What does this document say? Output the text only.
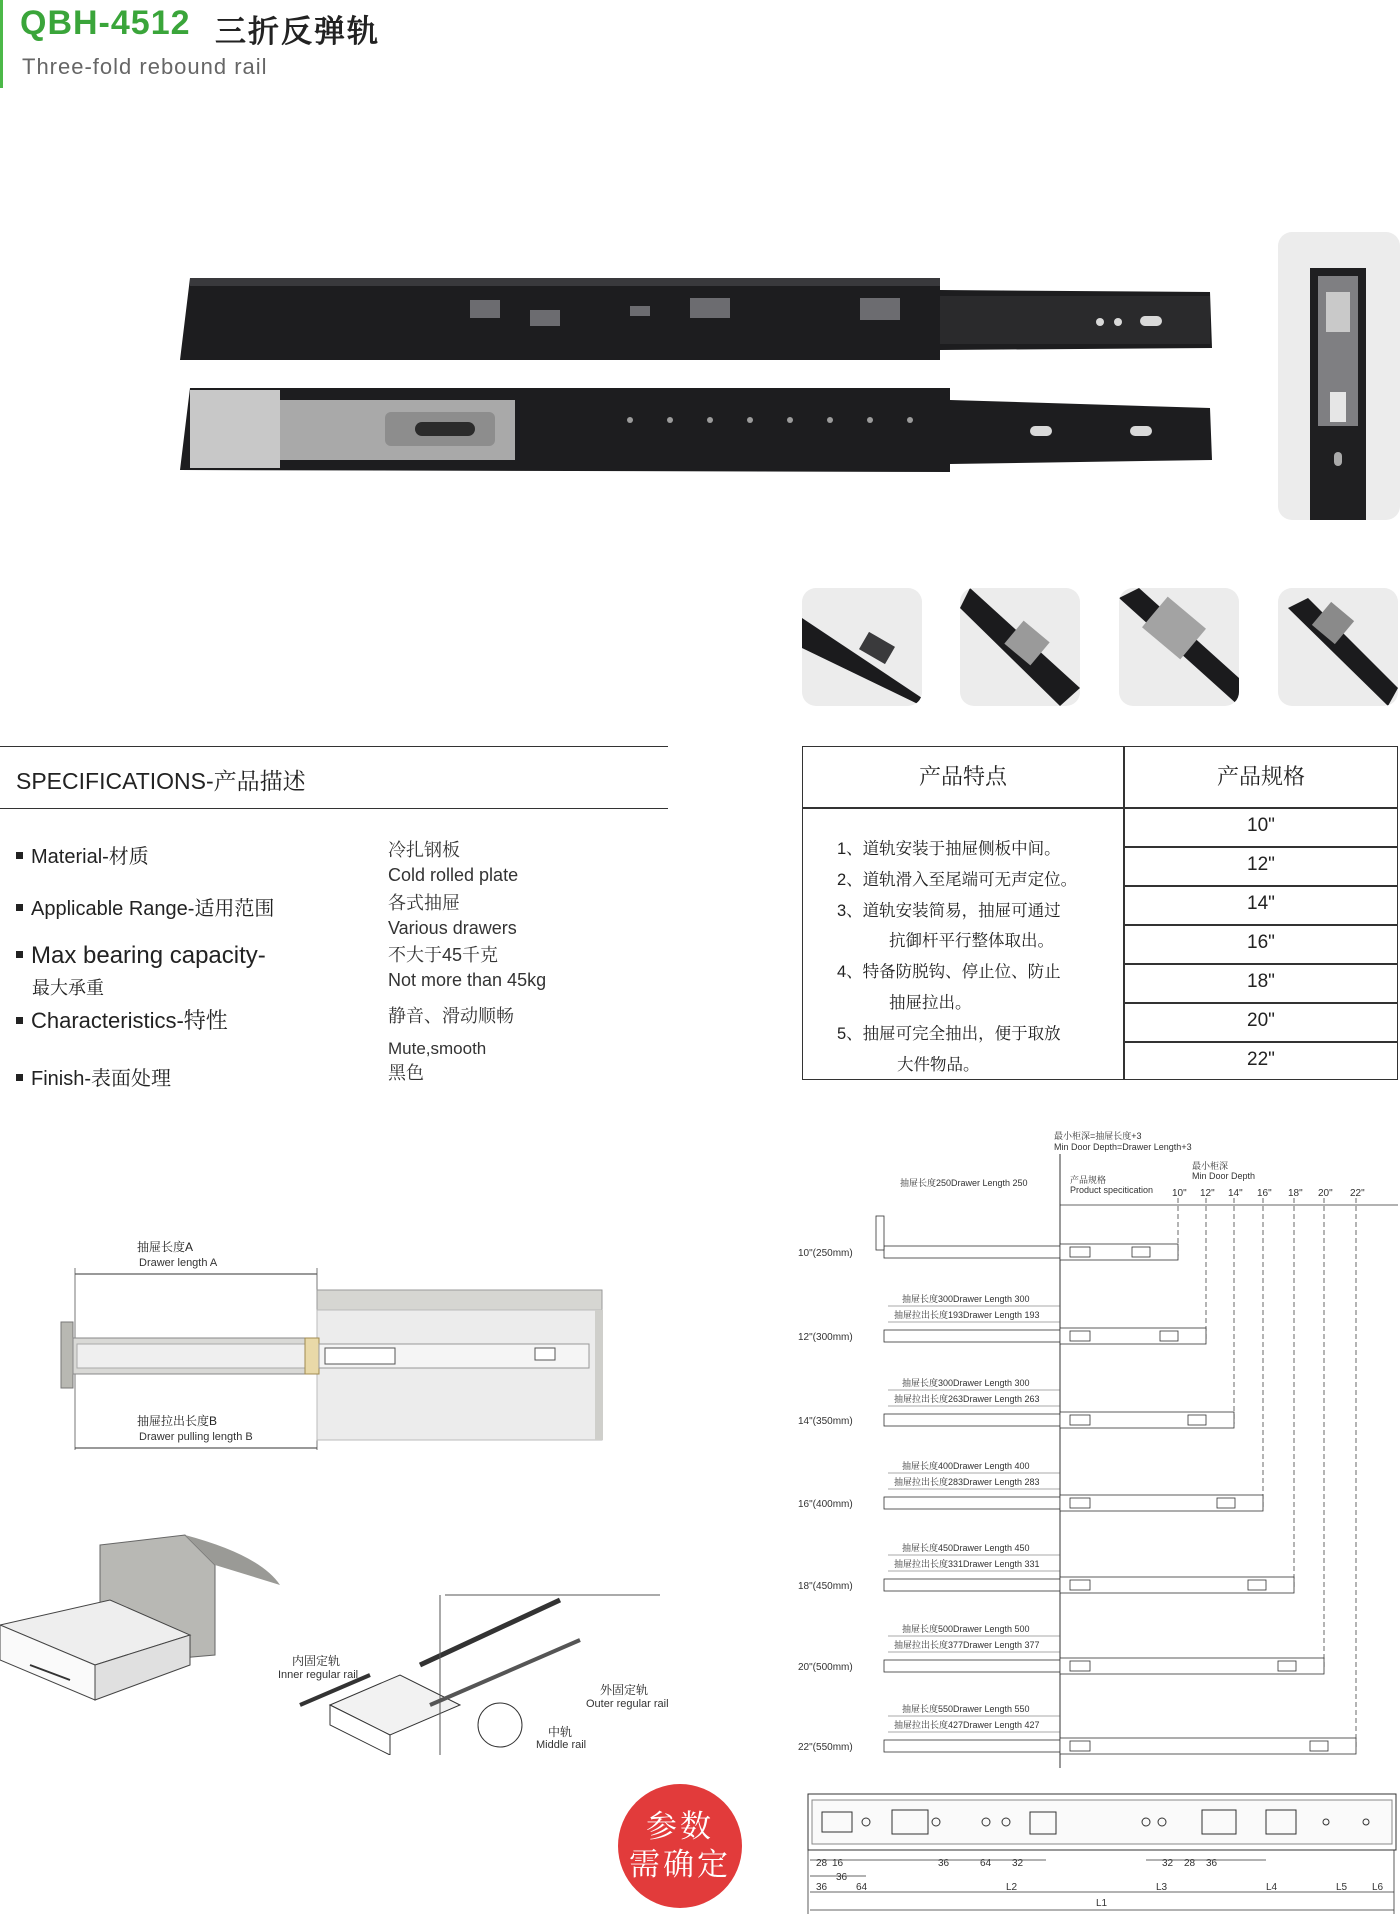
QBH-4512 三折反弹轨
Three-fold rebound rail
SPECIFICATIONS-产品描述
Material-材质	冷扎钢板
Cold rolled plate
Applicable Range-适用范围	各式抽屉
Various drawers
Max bearing capacity-
最大承重
不大于45千克
Not more than 45kg
Characteristics-特性	静音、滑动顺畅
Mute,smooth
Finish-表面处理	黑色
产品特点	产品规格
1、道轨安装于抽屉侧板中间。
2、道轨滑入至尾端可无声定位。
3、道轨安装简易，抽屉可通过
抗御杆平行整体取出。
4、特备防脱钩、停止位、防止
抽屉拉出。
5、抽屉可完全抽出，便于取放
大件物品。
10"
12"
14"
16"
18"
20"
22"
抽屉长度A
Drawer length A
抽屉拉出长度B
Drawer pulling length B
内固定轨
Inner regular rail
外固定轨
Outer regular rail
中轨
Middle rail
最小柜深=抽屉长度+3
Min Door Depth=Drawer Length+3
最小柜深
Min Door Depth
产品规格
Product specitication
抽屉长度250Drawer Length 250
10" 12" 14" 16" 18" 20" 22"
10"(250mm)
12"(300mm)
抽屉长度300Drawer Length 300
抽屉拉出长度193Drawer Length 193
14"(350mm)
抽屉长度300Drawer Length 300
抽屉拉出长度263Drawer Length 263
16"(400mm)
抽屉长度400Drawer Length 400
抽屉拉出长度283Drawer Length 283
18"(450mm)
抽屉长度450Drawer Length 450
抽屉拉出长度331Drawer Length 331
20"(500mm)
抽屉长度500Drawer Length 500
抽屉拉出长度377Drawer Length 377
22"(550mm)
抽屉长度550Drawer Length 550
抽屉拉出长度427Drawer Length 427
28 16	36	64 32	32 28 36
36
36	64	L2	L3	L4	L5 L6
L1
参数
需确定
